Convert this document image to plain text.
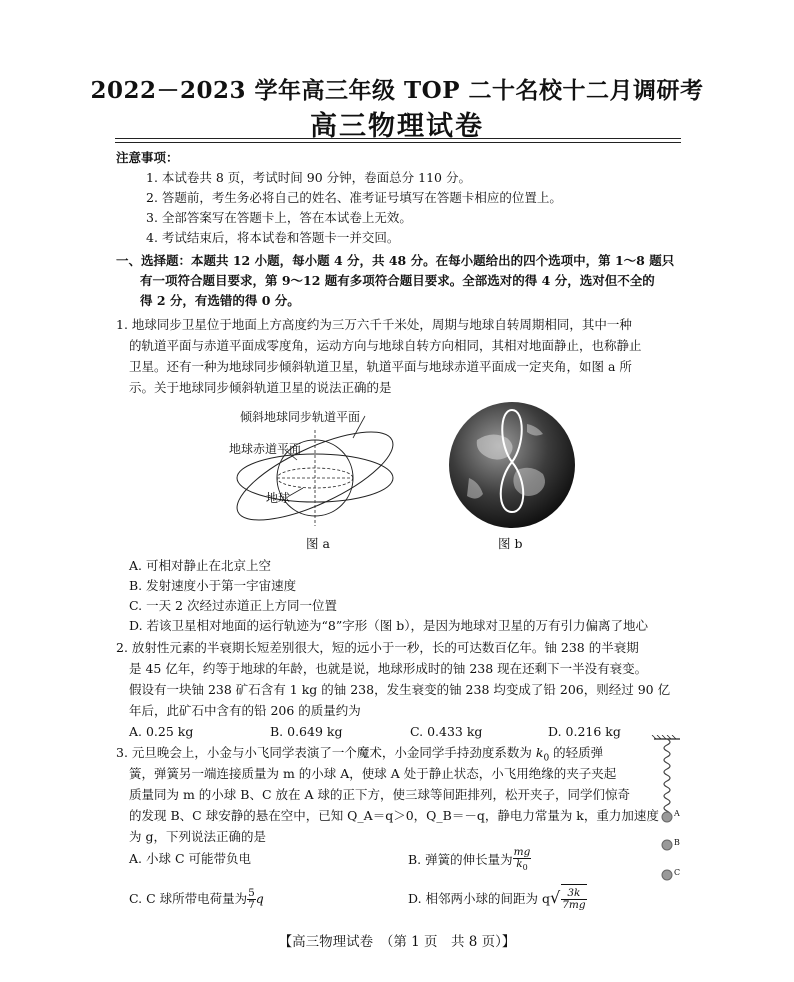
2022－2023 学年高三年级 TOP 二十名校十二月调研考
高三物理试卷
注意事项：
1. 本试卷共 8 页，考试时间 90 分钟，卷面总分 110 分。
2. 答题前，考生务必将自己的姓名、准考证号填写在答题卡相应的位置上。
3. 全部答案写在答题卡上，答在本试卷上无效。
4. 考试结束后，将本试卷和答题卡一并交回。
一、选择题：本题共 12 小题，每小题 4 分，共 48 分。在每小题给出的四个选项中，第 1～8 题只
有一项符合题目要求，第 9～12 题有多项符合题目要求。全部选对的得 4 分，选对但不全的
得 2 分，有选错的得 0 分。
1. 地球同步卫星位于地面上方高度约为三万六千千米处，周期与地球自转周期相同，其中一种
的轨道平面与赤道平面成零度角，运动方向与地球自转方向相同，其相对地面静止，也称静止
卫星。还有一种为地球同步倾斜轨道卫星，轨道平面与地球赤道平面成一定夹角，如图 a 所
示。关于地球同步倾斜轨道卫星的说法正确的是
倾斜地球同步轨道平面
地球赤道平面
地球
图 a	图 b
A. 可相对静止在北京上空
B. 发射速度小于第一宇宙速度
C. 一天 2 次经过赤道正上方同一位置
D. 若该卫星相对地面的运行轨迹为“8”字形（图 b），是因为地球对卫星的万有引力偏离了地心
2. 放射性元素的半衰期长短差别很大，短的远小于一秒，长的可达数百亿年。铀 238 的半衰期
是 45 亿年，约等于地球的年龄，也就是说，地球形成时的铀 238 现在还剩下一半没有衰变。
假设有一块铀 238 矿石含有 1 kg 的铀 238，发生衰变的铀 238 均变成了铅 206，则经过 90 亿
年后，此矿石中含有的铅 206 的质量约为
A. 0.25 kg	B. 0.649 kg	C. 0.433 kg	D. 0.216 kg
3. 元旦晚会上，小金与小飞同学表演了一个魔术，小金同学手持劲度系数为 $k_0$ 的轻质弹
簧，弹簧另一端连接质量为 m 的小球 A，使球 A 处于静止状态，小飞用绝缘的夹子夹起
质量同为 m 的小球 B、C 放在 A 球的正下方，使三球等间距排列，松开夹子，同学们惊奇
的发现 B、C 球安静的悬在空中，已知 Q_A＝q＞0，Q_B＝－q，静电力常量为 k，重力加速度
为 g，下列说法正确的是
A. 小球 C 可能带负电	B. 弹簧的伸长量为 $\frac{mg}{k_0}$
C. C 球所带电荷量为 $\frac{5}{7}$ q	D. 相邻两小球的间距为 $q√ \frac{3k}{7mg}$
A
B
C
【高三物理试卷　（第 1 页　共 8 页）】
